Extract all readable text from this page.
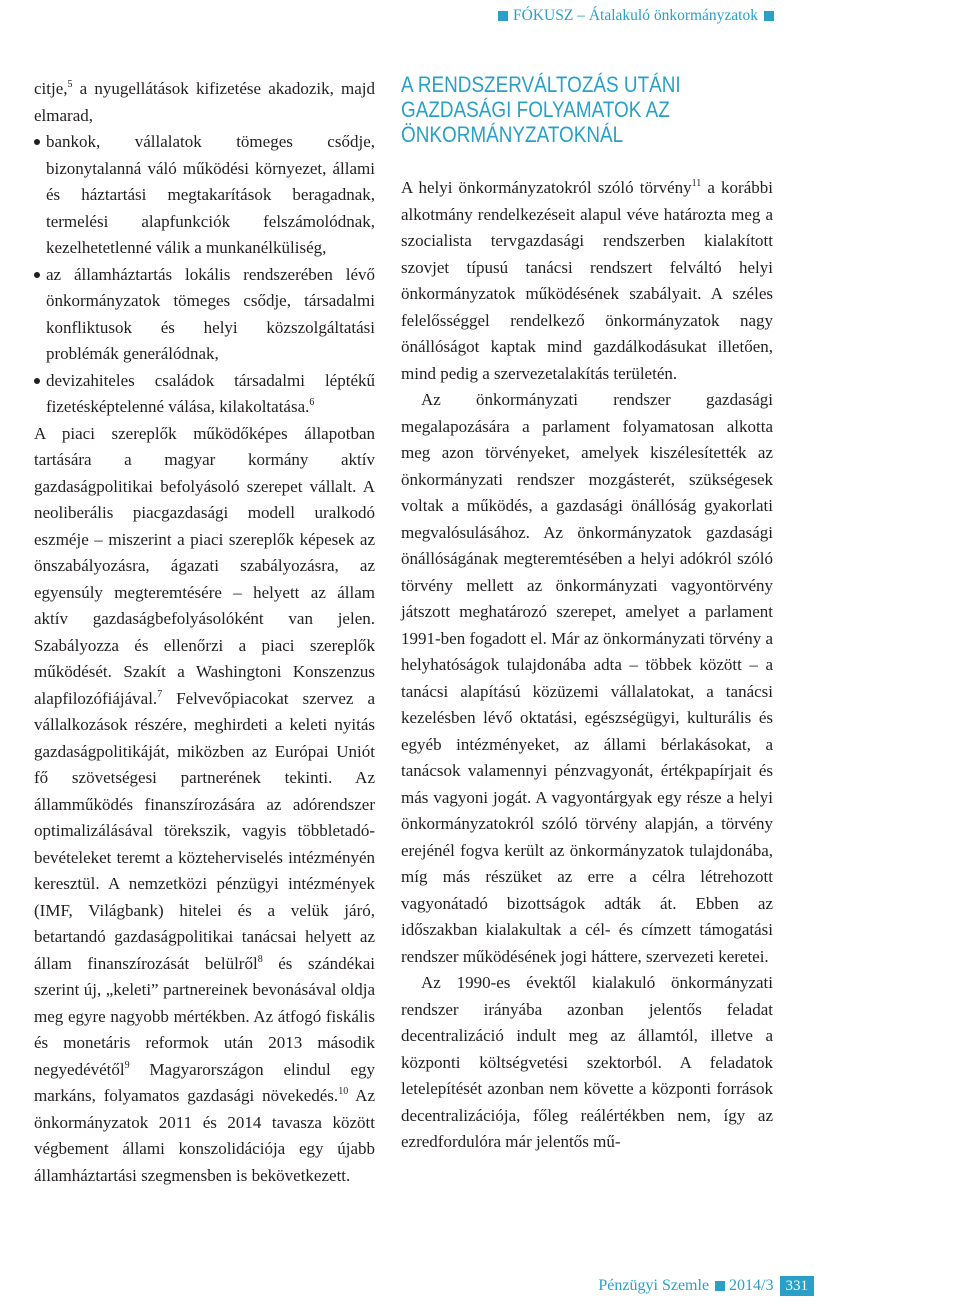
FÓKUSZ – Átalakuló önkormányzatok

citje,$^5$ a nyugellátások kifizetése akadozik, majd elmarad,

bankok, vállalatok tömeges csődje, bizonytalanná váló működési környezet, állami és háztartási megtakarítások beragadnak, termelési alapfunkciók felszámolódnak, kezelhetetlenné válik a munkanélküliség,
az államháztartás lokális rendszerében lévő önkormányzatok tömeges csődje, társadalmi konfliktusok és helyi közszolgáltatási problémák generálódnak,
devizahiteles családok társadalmi léptékű fizetésképtelenné válása, kilakoltatása.$^6$

A piaci szereplők működőképes állapotban tartására a magyar kormány aktív gazdaságpolitikai befolyásoló szerepet vállalt. A neoliberális piacgazdasági modell uralkodó eszméje – miszerint a piaci szereplők képesek az önszabályozásra, ágazati szabályozásra, az egyensúly megteremtésére – helyett az állam aktív gazdaságbefolyásolóként van jelen. Szabályozza és ellenőrzi a piaci szereplők működését. Szakít a Washingtoni Konszenzus alapfilozófiájával.$^7$ Felvevőpiacokat szervez a vállalkozások részére, meghirdeti a keleti nyitás gazdaságpolitikáját, miközben az Európai Uniót fő szövetségesi partnerének tekinti. Az államműködés finanszírozására az adórendszer optimalizálásával törekszik, vagyis többletadó-bevételeket teremt a közteherviselés intézményén keresztül. A nemzetközi pénzügyi intézmények (IMF, Világbank) hitelei és a velük járó, betartandó gazdaságpolitikai tanácsai helyett az állam finanszírozását belülről$^8$ és szándékai szerint új, „keleti” partnereinek bevonásával oldja meg egyre nagyobb mértékben. Az átfogó fiskális és monetáris reformok után 2013 második negyedévétől$^9$ Magyarországon elindul egy markáns, folyamatos gazdasági növekedés.$^{10}$ Az önkormányzatok 2011 és 2014 tavasza között végbement állami konszolidációja egy újabb államháztartási szegmensben is bekövetkezett.

A RENDSZERVÁLTOZÁS UTÁNI GAZDASÁGI FOLYAMATOK AZ ÖNKORMÁNYZATOKNÁL

A helyi önkormányzatokról szóló törvény$^{11}$ a korábbi alkotmány rendelkezéseit alapul véve határozta meg a szocialista tervgazdasági rendszerben kialakított szovjet típusú tanácsi rendszert felváltó helyi önkormányzatok működésének szabályait. A széles felelősséggel rendelkező önkormányzatok nagy önállóságot kaptak mind gazdálkodásukat illetően, mind pedig a szervezetalakítás területén.

Az önkormányzati rendszer gazdasági megalapozására a parlament folyamatosan alkotta meg azon törvényeket, amelyek kiszélesítették az önkormányzati rendszer mozgásterét, szükségesek voltak a működés, a gazdasági önállóság gyakorlati megvalósulásához. Az önkormányzatok gazdasági önállóságának megteremtésében a helyi adókról szóló törvény mellett az önkormányzati vagyontörvény játszott meghatározó szerepet, amelyet a parlament 1991-ben fogadott el. Már az önkormányzati törvény a helyhatóságok tulajdonába adta – többek között – a tanácsi alapítású közüzemi vállalatokat, a tanácsi kezelésben lévő oktatási, egészségügyi, kulturális és egyéb intézményeket, az állami bérlakásokat, a tanácsok valamennyi pénzvagyonát, értékpapírjait és más vagyoni jogát. A vagyontárgyak egy része a helyi önkormányzatokról szóló törvény alapján, a törvény erejénél fogva került az önkormányzatok tulajdonába, míg más részüket az erre a célra létrehozott vagyonátadó bizottságok adták át. Ebben az időszakban kialakultak a cél- és címzett támogatási rendszer működésének jogi háttere, szervezeti keretei.

Az 1990-es évektől kialakuló önkormányzati rendszer irányába azonban jelentős feladat decentralizáció indult meg az államtól, illetve a központi költségvetési szektorból. A feladatok letelepítését azonban nem követte a központi források decentralizációja, főleg reálértékben nem, így az ezredfordulóra már jelentős mű-

Pénzügyi Szemle 2014/3 331
